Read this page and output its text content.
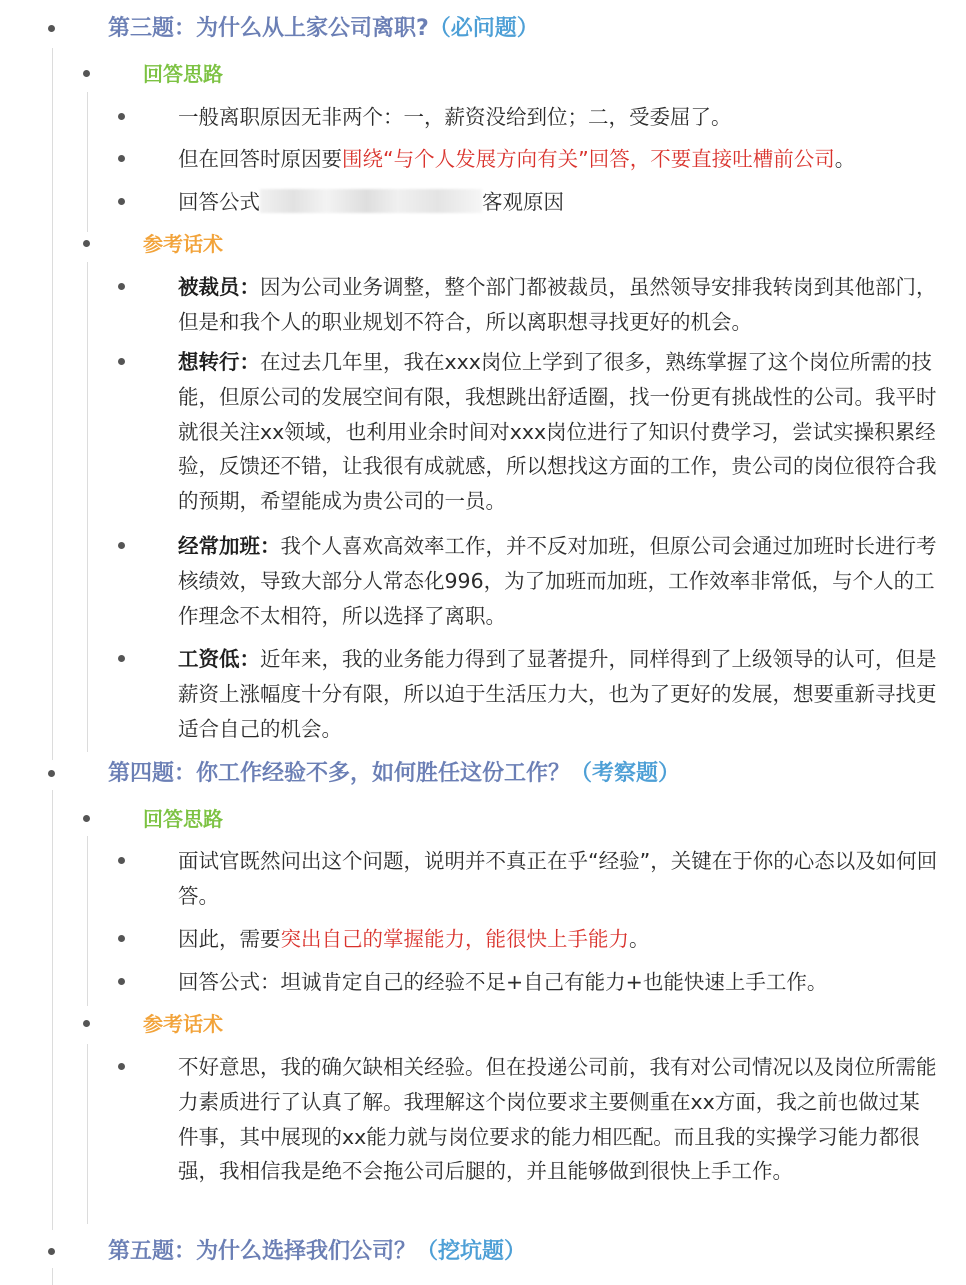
第三题：为什么从上家公司离职?（必问题）
回答思路
一般离职原因无非两个：一，薪资没给到位；二，受委屈了。
但在回答时原因要围绕“与个人发展方向有关”回答，不要直接吐槽前公司。
回答公式	客观原因
参考话术
被裁员：因为公司业务调整，整个部门都被裁员，虽然领导安排我转岗到其他部门，但是和我个人的职业规划不符合，所以离职想寻找更好的机会。
想转行：在过去几年里，我在xxx岗位上学到了很多，熟练掌握了这个岗位所需的技能，但原公司的发展空间有限，我想跳出舒适圈，找一份更有挑战性的公司。我平时就很关注xx领域，也利用业余时间对xxx岗位进行了知识付费学习，尝试实操积累经验，反馈还不错，让我很有成就感，所以想找这方面的工作，贵公司的岗位很符合我的预期，希望能成为贵公司的一员。
经常加班：我个人喜欢高效率工作，并不反对加班，但原公司会通过加班时长进行考核绩效，导致大部分人常态化996，为了加班而加班，工作效率非常低，与个人的工作理念不太相符，所以选择了离职。
工资低：近年来，我的业务能力得到了显著提升，同样得到了上级领导的认可，但是薪资上涨幅度十分有限，所以迫于生活压力大，也为了更好的发展，想要重新寻找更适合自己的机会。
第四题：你工作经验不多，如何胜任这份工作？（考察题）
回答思路
面试官既然问出这个问题，说明并不真正在乎“经验”，关键在于你的心态以及如何回答。
因此，需要突出自己的掌握能力，能很快上手能力。
回答公式：坦诚肯定自己的经验不足+自己有能力+也能快速上手工作。
参考话术
不好意思，我的确欠缺相关经验。但在投递公司前，我有对公司情况以及岗位所需能力素质进行了认真了解。我理解这个岗位要求主要侧重在xx方面，我之前也做过某件事，其中展现的xx能力就与岗位要求的能力相匹配。而且我的实操学习能力都很强，我相信我是绝不会拖公司后腿的，并且能够做到很快上手工作。
第五题：为什么选择我们公司？（挖坑题）
